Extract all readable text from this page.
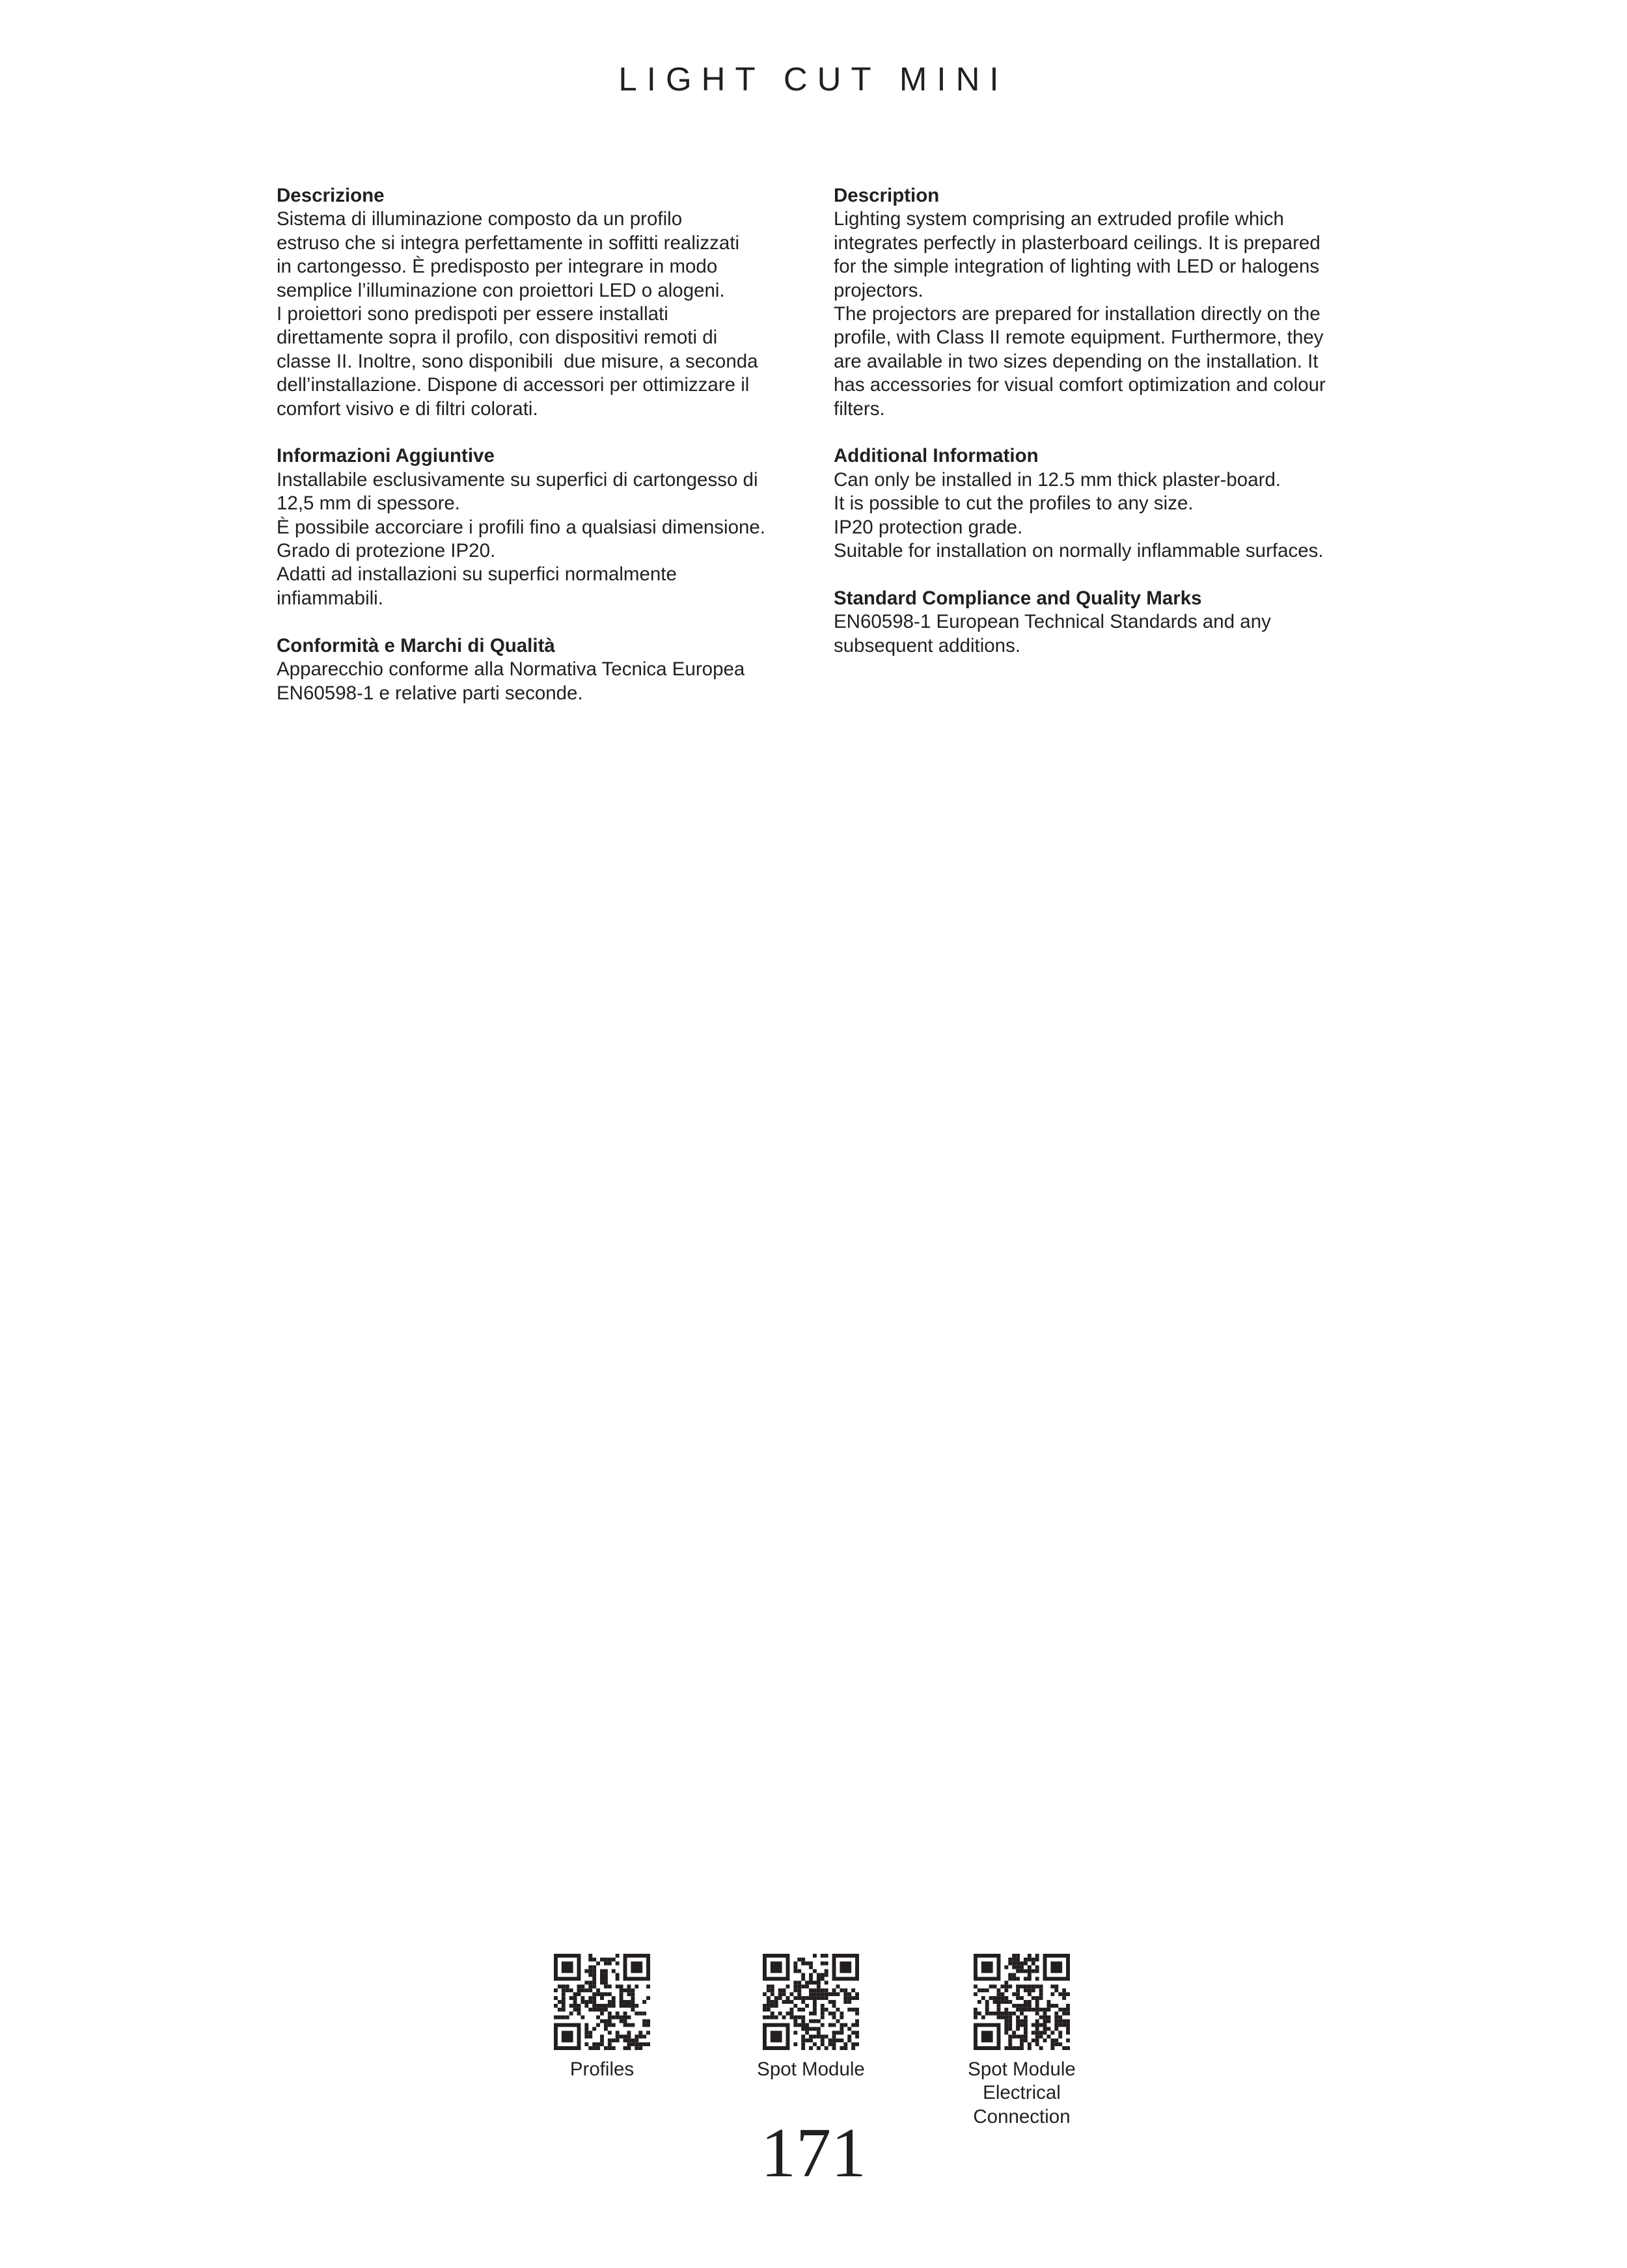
LIGHT CUT MINI
Descrizione
Sistema di illuminazione composto da un profilo
estruso che si integra perfettamente in soffitti realizzati
in cartongesso. È predisposto per integrare in modo
semplice l’illuminazione con proiettori LED o alogeni.
I proiettori sono predispoti per essere installati
direttamente sopra il profilo, con dispositivi remoti di
classe II. Inoltre, sono disponibili  due misure, a seconda
dell’installazione. Dispone di accessori per ottimizzare il
comfort visivo e di filtri colorati.
Informazioni Aggiuntive
Installabile esclusivamente su superfici di cartongesso di
12,5 mm di spessore.
È possibile accorciare i profili fino a qualsiasi dimensione.
Grado di protezione IP20.
Adatti ad installazioni su superfici normalmente
infiammabili.
Conformità e Marchi di Qualità
Apparecchio conforme alla Normativa Tecnica Europea
EN60598-1 e relative parti seconde.
Description
Lighting system comprising an extruded profile which
integrates perfectly in plasterboard ceilings. It is prepared
for the simple integration of lighting with LED or halogens
projectors.
The projectors are prepared for installation directly on the
profile, with Class II remote equipment. Furthermore, they
are available in two sizes depending on the installation. It
has accessories for visual comfort optimization and colour
filters.
Additional Information
Can only be installed in 12.5 mm thick plaster-board.
It is possible to cut the profiles to any size.
IP20 protection grade.
Suitable for installation on normally inflammable surfaces.
Standard Compliance and Quality Marks
EN60598-1 European Technical Standards and any
subsequent additions.
Profiles	Spot Module	Spot Module
Electrical
Connection
171
